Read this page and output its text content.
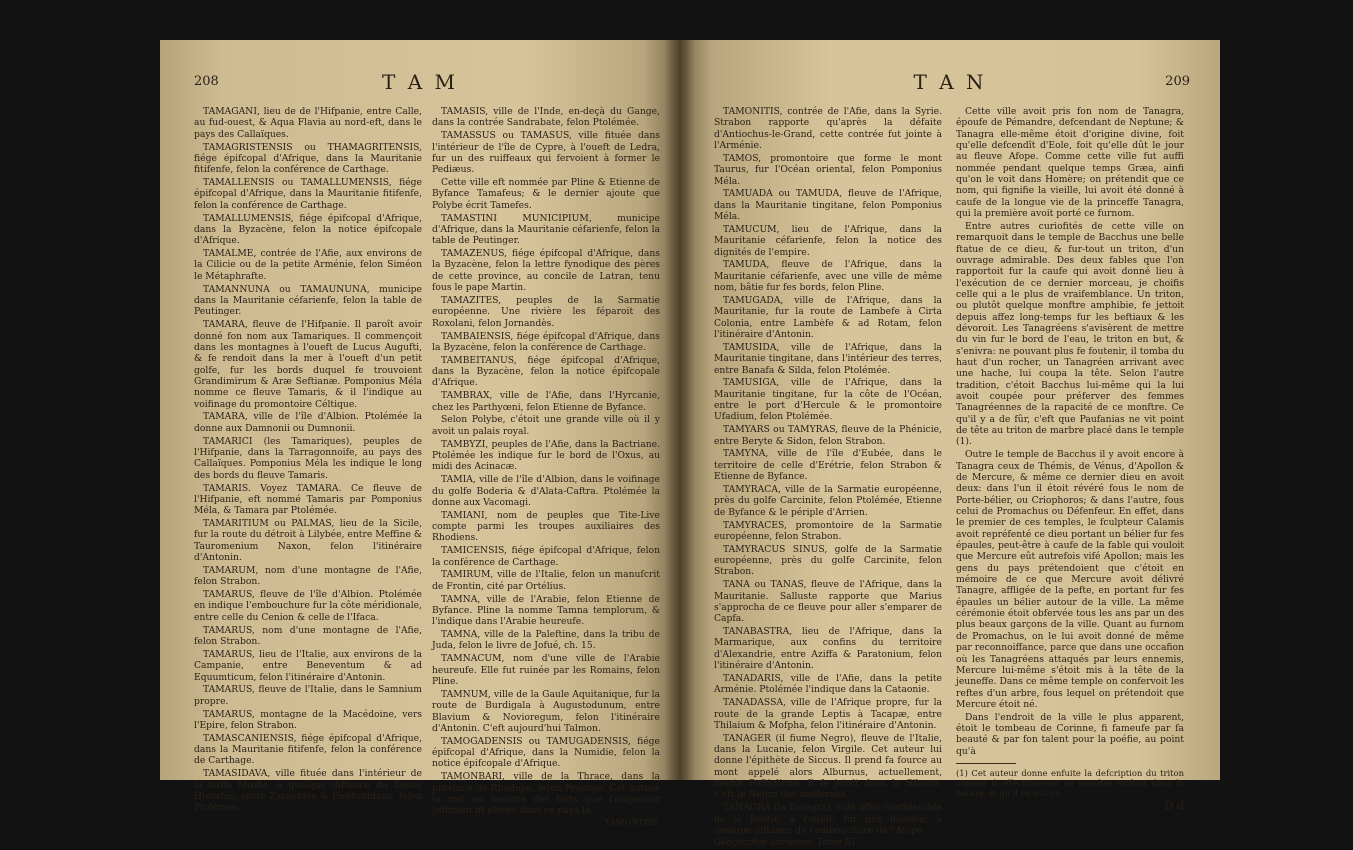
208	T A M

TAMAGANI, lieu de de l'Hifpanie, entre Calle, au fud-ouest, & Aqua Flavia au nord-eft, dans le pays des Callaïques.

TAMAGRISTENSIS ou THAMAGRITENSIS, fiége épifcopal d'Afrique, dans la Mauritanie fitifenfe, felon la conférence de Carthage.

TAMALLENSIS ou TAMALLUMENSIS, fiége épifcopal d'Afrique, dans la Mauritanie fitifenfe, felon la conférence de Carthage.

TAMALLUMENSIS, fiége épifcopal d'Afrique, dans la Byzacène, felon la notice épifcopale d'Afrique.

TAMALME, contrée de l'Afie, aux environs de la Cilicie ou de la petite Arménie, felon Siméon le Métaphrafte.

TAMANNUNA ou TAMAUNUNA, municipe dans la Mauritanie céfarienfe, felon la table de Peutinger.

TAMARA, fleuve de l'Hifpanie. Il paroît avoir donné fon nom aux Tamariques. Il commençoit dans les montagnes à l'oueft de Lucus Augufti, & fe rendoit dans la mer à l'oueft d'un petit golfe, fur les bords duquel fe trouvoient Grandimirum & Aræ Seftianæ. Pomponius Méla nomme ce fleuve Tamaris, & il l'indique au voifinage du promontoire Céltique.

TAMARA, ville de l'île d'Albion. Ptolémée la donne aux Damnonii ou Dumnonii.

TAMARICI (les Tamariques), peuples de l'Hifpanie, dans la Tarragonnoife, au pays des Callaïques. Pomponius Méla les indique le long des bords du fleuve Tamaris.

TAMARIS. Voyez TAMARA. Ce fleuve de l'Hifpanie, eft nommé Tamaris par Pomponius Méla, & Tamara par Ptolémée.

TAMARITIUM ou PALMAS, lieu de la Sicile, fur la route du détroit à Lilybée, entre Meffine & Tauromenium Naxon, felon l'itinéraire d'Antonin.

TAMARUM, nom d'une montagne de l'Afie, felon Strabon.

TAMARUS, fleuve de l'île d'Albion. Ptolémée en indique l'embouchure fur la côte méridionale, entre celle du Cenion & celle de l'Ifaca.

TAMARUS, nom d'une montagne de l'Afie, felon Strabon.

TAMARUS, lieu de l'Italie, aux environs de la Campanie, entre Beneventum & ad Equumticum, felon l'itinéraire d'Antonin.

TAMARUS, fleuve de l'Italie, dans le Samnium propre.

TAMARUS, montagne de la Macédoine, vers l'Epire, felon Strabon.

TAMASCANIENSIS, fiége épifcopal d'Afrique, dans la Mauritanie fitifenfe, felon la conférence de Carthage.

TAMASIDAVA, ville fituée dans l'intérieur de la baffe Mœfie, à quelque diftance du fleuve Hierafus, entre Zargidava & Piroboridava, felon Ptolémée.

TAMASIS, ville de l'Inde, en-deçà du Gange, dans la contrée Sandrabate, felon Ptolémée.

TAMASSUS ou TAMASUS, ville fituée dans l'intérieur de l'île de Cypre, à l'oueft de Ledra, fur un des ruiffeaux qui fervoient à former le Pediæus.

Cette ville eft nommée par Pline & Etienne de Byfance Tamafeus; & le dernier ajoute que Polybe écrit Tamefes.

TAMASTINI MUNICIPIUM, municipe d'Afrique, dans la Mauritanie céfarienfe, felon la table de Peutinger.

TAMAZENUS, fiége épifcopal d'Afrique, dans la Byzacène, felon la lettre fynodique des pères de cette province, au concile de Latran, tenu fous le pape Martin.

TAMAZITES, peuples de la Sarmatie européenne. Une rivière les féparoit des Roxolani, felon Jornandès.

TAMBAIENSIS, fiége épifcopal d'Afrique, dans la Byzacène, felon la conférence de Carthage.

TAMBEITANUS, fiége épifcopal d'Afrique, dans la Byzacène, felon la notice épifcopale d'Afrique.

TAMBRAX, ville de l'Afie, dans l'Hyrcanie, chez les Parthyœni, felon Etienne de Byfance.

Selon Polybe, c'étoit une grande ville où il y avoit un palais royal.

TAMBYZI, peuples de l'Afie, dans la Bactriane. Ptolémée les indique fur le bord de l'Oxus, au midi des Acinacæ.

TAMIA, ville de l'île d'Albion, dans le voifinage du golfe Boderia & d'Alata-Caftra. Ptolémée la donne aux Vacomagi.

TAMIANI, nom de peuples que Tite-Live compte parmi les troupes auxiliaires des Rhodiens.

TAMICENSIS, fiége épifcopal d'Afrique, felon la conférence de Carthage.

TAMIRUM, ville de l'Italie, felon un manufcrit de Frontin, cité par Ortélius.

TAMNA, ville de l'Arabie, felon Etienne de Byfance. Pline la nomme Tamna templorum, & l'indique dans l'Arabie heureufe.

TAMNA, ville de la Paleftine, dans la tribu de Juda, felon le livre de Jofué, ch. 15.

TAMNACUM, nom d'une ville de l'Arabie heureufe. Elle fut ruinée par les Romains, felon Pline.

TAMNUM, ville de la Gaule Aquitanique, fur la route de Burdigala à Augustodunum, entre Blavium & Novioregum, felon l'itinéraire d'Antonin. C'eft aujourd'hui Talmon.

TAMOGADENSIS ou TAMUGADENSIS, fiége épifcopal d'Afrique, dans la Numidie, felon la notice épifcopale d'Afrique.

TAMONBARI, ville de la Thrace, dans la province de Rhodope, felon Procope. Cet auteur la met au nombre des forts que l'empereur Juftinien fit élever dans ce pays-là.

TAMONITIS,
T A N	209

TAMONITIS, contrée de l'Afie, dans la Syrie. Strabon rapporte qu'après la défaite d'Antiochus-le-Grand, cette contrée fut jointe à l'Arménie.

TAMOS, promontoire que forme le mont Taurus, fur l'Océan oriental, felon Pomponius Méla.

TAMUADA ou TAMUDA, fleuve de l'Afrique, dans la Mauritanie tingitane, felon Pomponius Méla.

TAMUCUM, lieu de l'Afrique, dans la Mauritanie céfarienfe, felon la notice des dignités de l'empire.

TAMUDA, fleuve de l'Afrique, dans la Mauritanie céfarienfe, avec une ville de même nom, bâtie fur fes bords, felon Pline.

TAMUGADA, ville de l'Afrique, dans la Mauritanie, fur la route de Lambefe à Cirta Colonia, entre Lambèfe & ad Rotam, felon l'itinéraire d'Antonin.

TAMUSIDA, ville de l'Afrique, dans la Mauritanie tingitane, dans l'intérieur des terres, entre Banafa & Silda, felon Ptolémée.

TAMUSIGA, ville de l'Afrique, dans la Mauritanie tingitane, fur la côte de l'Océan, entre le port d'Hercule & le promontoire Ufadium, felon Ptolémée.

TAMYARS ou TAMYRAS, fleuve de la Phénicie, entre Beryte & Sidon, felon Strabon.

TAMYNA, ville de l'île d'Eubée, dans le territoire de celle d'Erétrie, felon Strabon & Etienne de Byfance.

TAMYRACA, ville de la Sarmatie européenne, près du golfe Carcinite, felon Ptolémée, Etienne de Byfance & le périple d'Arrien.

TAMYRACES, promontoire de la Sarmatie européenne, felon Strabon.

TAMYRACUS SINUS, golfe de la Sarmatie européenne, près du golfe Carcinite, felon Strabon.

TANA ou TANAS, fleuve de l'Afrique, dans la Mauritanie. Salluste rapporte que Marius s'approcha de ce fleuve pour aller s'emparer de Capfa.

TANABASTRA, lieu de l'Afrique, dans la Marmarique, aux confins du territoire d'Alexandrie, entre Aziffa & Paratonium, felon l'itinéraire d'Antonin.

TANADARIS, ville de l'Afie, dans la petite Arménie. Ptolémée l'indique dans la Cataonie.

TANADASSA, ville de l'Afrique propre, fur la route de la grande Leptis à Tacapæ, entre Thilaium & Mofpha, felon l'itinéraire d'Antonin.

TANAGER (il fiume Negro), fleuve de l'Italie, dans la Lucanie, felon Virgile. Cet auteur lui donne l'épithète de Siccus. Il prend fa fource au mont appelé alors Alburnus, actuellement, monte Poftiglione. Il fe jetoit dans le Silarus: c'eft le Negro des modernes.

TANAGRA (la Tanagra), ville affez confidérable de la Béotie, à l'oueft, fur une hauteur, à quelque diftance de l'embouchure de l'Afope.

Géographie ancienne. Tome III.

Cette ville avoit pris fon nom de Tanagra, époufe de Pémandre, defcendant de Neptune; & Tanagra elle-même étoit d'origine divine, foit qu'elle defcendît d'Eole, foit qu'elle dût le jour au fleuve Afope. Comme cette ville fut auffi nommée pendant quelque temps Græa, ainfi qu'on le voit dans Homère; on prétendit que ce nom, qui fignifie la vieille, lui avoit été donné à caufe de la longue vie de la princeffe Tanagra, qui la première avoit porté ce furnom.

Entre autres curiofités de cette ville on remarquoit dans le temple de Bacchus une belle ftatue de ce dieu, & fur-tout un triton, d'un ouvrage admirable. Des deux fables que l'on rapportoit fur la caufe qui avoit donné lieu à l'exécution de ce dernier morceau, je choifis celle qui a le plus de vraifemblance. Un triton, ou plutôt quelque monftre amphibie, fe jettoit depuis affez long-temps fur les beftiaux & les dévoroit. Les Tanagréens s'avisèrent de mettre du vin fur le bord de l'eau, le triton en but, & s'enivra: ne pouvant plus fe foutenir, il tomba du haut d'un rocher, un Tanagréen arrivant avec une hache, lui coupa la tête. Selon l'autre tradition, c'étoit Bacchus lui-même qui la lui avoit coupée pour préferver des femmes Tanagréennes de la rapacité de ce monftre. Ce qu'il y a de fûr, c'eft que Paufanias ne vit point de tête au triton de marbre placé dans le temple (1).

Outre le temple de Bacchus il y avoit encore à Tanagra ceux de Thémis, de Vénus, d'Apollon & de Mercure, & même ce dernier dieu en avoit deux: dans l'un il étoit révéré fous le nom de Porte-bélier, ou Criophoros; & dans l'autre, fous celui de Promachus ou Défenfeur. En effet, dans le premier de ces temples, le fculpteur Calamis avoit repréfenté ce dieu portant un bélier fur fes épaules, peut-être à caufe de la fable qui vouloit que Mercure eût autrefois vifé Apollon; mais les gens du pays prétendoient que c'étoit en mémoire de ce que Mercure avoit délivré Tanagre, affligée de la pefte, en portant fur fes épaules un bélier autour de la ville. La même cérémonie étoit obfervée tous les ans par un des plus beaux garçons de la ville. Quant au furnom de Promachus, on le lui avoit donné de même par reconnoiffance, parce que dans une occafion où les Tanagréens attaqués par leurs ennemis, Mercure lui-même s'étoit mis à la tête de la jeuneffe. Dans ce même temple on confervoit les reftes d'un arbre, fous lequel on prétendoit que Mercure étoit né.

Dans l'endroit de la ville le plus apparent, étoit le tombeau de Corinne, fi fameufe par fa beauté & par fon talent pour la poéfie, au point qu'à

(1) Cet auteur donne enfuite la defcription du triton comme il effectivement ce monftre exiftoit dans la nature, & qu'il en eût vu.

D d
